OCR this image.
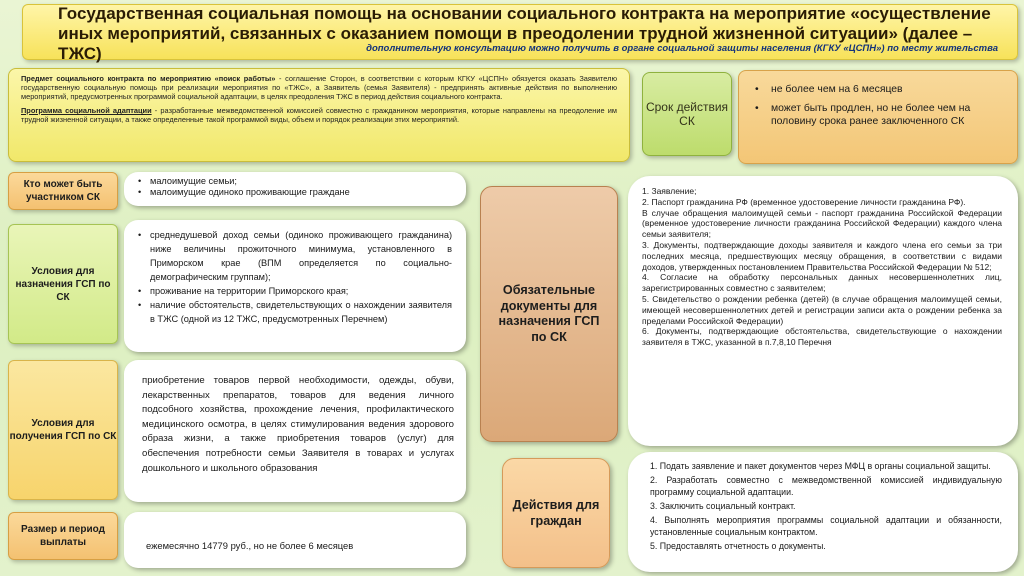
Государственная социальная помощь на основании социального контракта на мероприятие «осуществление иных мероприятий, связанных с оказанием помощи в преодолении трудной жизненной ситуации» (далее – ТЖС)	дополнительную консультацию можно получить в органе социальной защиты населения (КГКУ «ЦСПН») по месту жительства

Предмет социального контракта по мероприятию «поиск работы» - соглашение Сторон, в соответствии с которым КГКУ «ЦСПН» обязуется оказать Заявителю государственную социальную помощь при реализации мероприятия по «ТЖС», а Заявитель (семья Заявителя) - предпринять активные действия по выполнению мероприятий, предусмотренных программой социальной адаптации, в целях преодоления ТЖС в период действия социального контракта.

Программа социальной адаптации - разработанные межведомственной комиссией совместно с гражданином мероприятия, которые направлены на преодоление им трудной жизненной ситуации, а также определенные такой программой виды, объем и порядок реализации этих мероприятий.

Срок действия СК
• не более чем на 6 месяцев
• может быть продлен, но не более чем на половину срока ранее заключенного СК
Кто может быть участником СК
• малоимущие семьи;
• малоимущие одиноко проживающие граждане
Условия для назначения ГСП по СК
• среднедушевой доход семьи (одиноко проживающего гражданина) ниже величины прожиточного минимума, установленного в Приморском крае (ВПМ определяется по социально-демографическим группам);
• проживание на территории Приморского края;
• наличие обстоятельств, свидетельствующих о нахождении заявителя в ТЖС (одной из 12 ТЖС, предусмотренных Перечнем)
Условия для получения ГСП по СК
приобретение товаров первой необходимости, одежды, обуви, лекарственных препаратов, товаров для ведения личного подсобного хозяйства, прохождение лечения, профилактического медицинского осмотра, в целях стимулирования ведения здорового образа жизни, а также приобретения товаров (услуг) для обеспечения потребности семьи Заявителя в товарах и услугах дошкольного и школьного образования
Размер и период выплаты	ежемесячно 14779 руб., но не более 6 месяцев
Обязательные документы для назначения ГСП по СК

1. Заявление;

2. Паспорт гражданина РФ (временное удостоверение личности гражданина РФ).

В случае обращения малоимущей семьи - паспорт гражданина Российской Федерации (временное удостоверение личности гражданина Российской Федерации) каждого члена семьи заявителя;

3. Документы, подтверждающие доходы заявителя и каждого члена его семьи за три последних месяца, предшествующих месяцу обращения, в соответствии с видами доходов, утвержденных постановлением Правительства Российской Федерации № 512;

4. Согласие на обработку персональных данных несовершеннолетних лиц, зарегистрированных совместно с заявителем;

5. Свидетельство о рождении ребенка (детей) (в случае обращения малоимущей семьи, имеющей несовершеннолетних детей и регистрации записи акта о рождении ребенка за пределами Российской Федерации)

6. Документы, подтверждающие обстоятельства, свидетельствующие о нахождении заявителя в ТЖС, указанной в п.7,8,10 Перечня

Действия для граждан

1. Подать заявление и пакет документов через МФЦ в органы социальной защиты.

2. Разработать совместно с межведомственной комиссией индивидуальную программу социальной адаптации.

3. Заключить социальный контракт.

4. Выполнять мероприятия программы социальной адаптации и обязанности, установленные социальным контрактом.

5. Предоставлять отчетность о документы.
